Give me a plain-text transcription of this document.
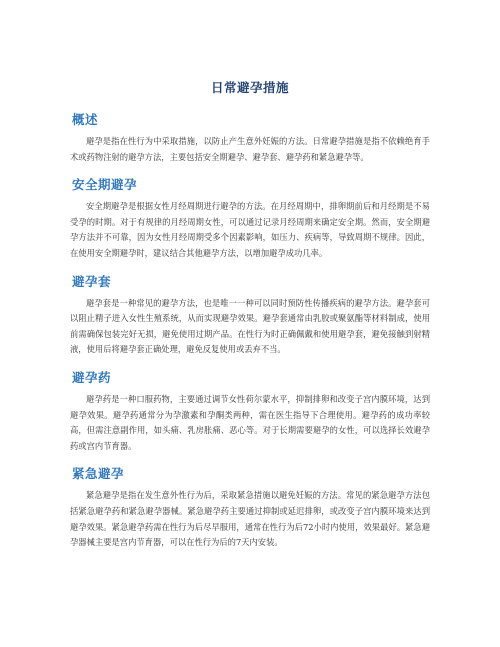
日常避孕措施
概述

避孕是指在性行为中采取措施，以防止产生意外妊娠的方法。日常避孕措施是指不依赖绝育手术或药物注射的避孕方法，主要包括安全期避孕、避孕套、避孕药和紧急避孕等。

安全期避孕

安全期避孕是根据女性月经周期进行避孕的方法。在月经周期中，排卵期前后和月经期是不易受孕的时期。对于有规律的月经周期女性，可以通过记录月经周期来确定安全期。然而，安全期避孕方法并不可靠，因为女性月经周期受多个因素影响，如压力、疾病等，导致周期不规律。因此，在使用安全期避孕时，建议结合其他避孕方法，以增加避孕成功几率。

避孕套

避孕套是一种常见的避孕方法，也是唯一一种可以同时预防性传播疾病的避孕方法。避孕套可以阻止精子进入女性生殖系统，从而实现避孕效果。避孕套通常由乳胶或聚氨酯等材料制成，使用前需确保包装完好无损，避免使用过期产品。在性行为时正确佩戴和使用避孕套，避免接触到射精液，使用后将避孕套正确处理，避免反复使用或丢弃不当。

避孕药

避孕药是一种口服药物，主要通过调节女性荷尔蒙水平，抑制排卵和改变子宫内膜环境，达到避孕效果。避孕药通常分为孕激素和孕酮类两种，需在医生指导下合理使用。避孕药的成功率较高，但需注意副作用，如头痛、乳房胀痛、恶心等。对于长期需要避孕的女性，可以选择长效避孕药或宫内节育器。

紧急避孕

紧急避孕是指在发生意外性行为后，采取紧急措施以避免妊娠的方法。常见的紧急避孕方法包括紧急避孕药和紧急避孕器械。紧急避孕药主要通过抑制或延迟排卵，或改变子宫内膜环境来达到避孕效果。紧急避孕药需在性行为后尽早服用，通常在性行为后72小时内使用，效果最好。紧急避孕器械主要是宫内节育器，可以在性行为后的7天内安装。
